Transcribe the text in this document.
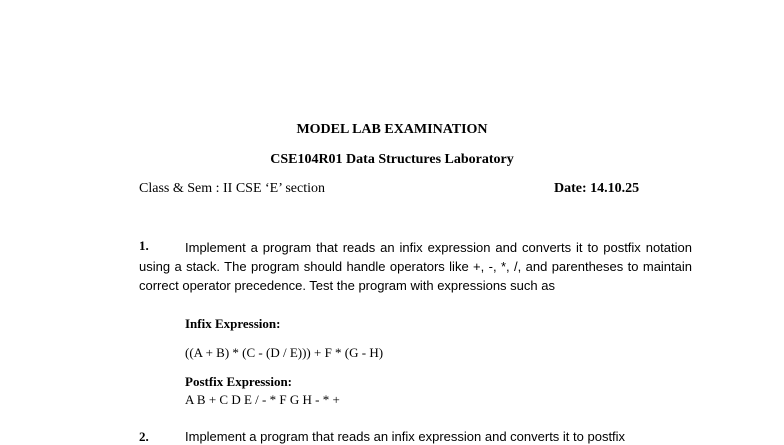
MODEL LAB EXAMINATION
CSE104R01 Data Structures Laboratory
Class & Sem : II CSE ‘E’ section	Date: 14.10.25
Implement a program that reads an infix expression and converts it to postfix notation using a stack. The program should handle operators like +, -, *, /, and parentheses to maintain correct operator precedence. Test the program with expressions such as
1.
Infix Expression:
((A + B) * (C - (D / E))) + F * (G - H)
Postfix Expression:
A B + C D E / - * F G H - * +
2.	Implement a program that reads an infix expression and converts it to postfix
